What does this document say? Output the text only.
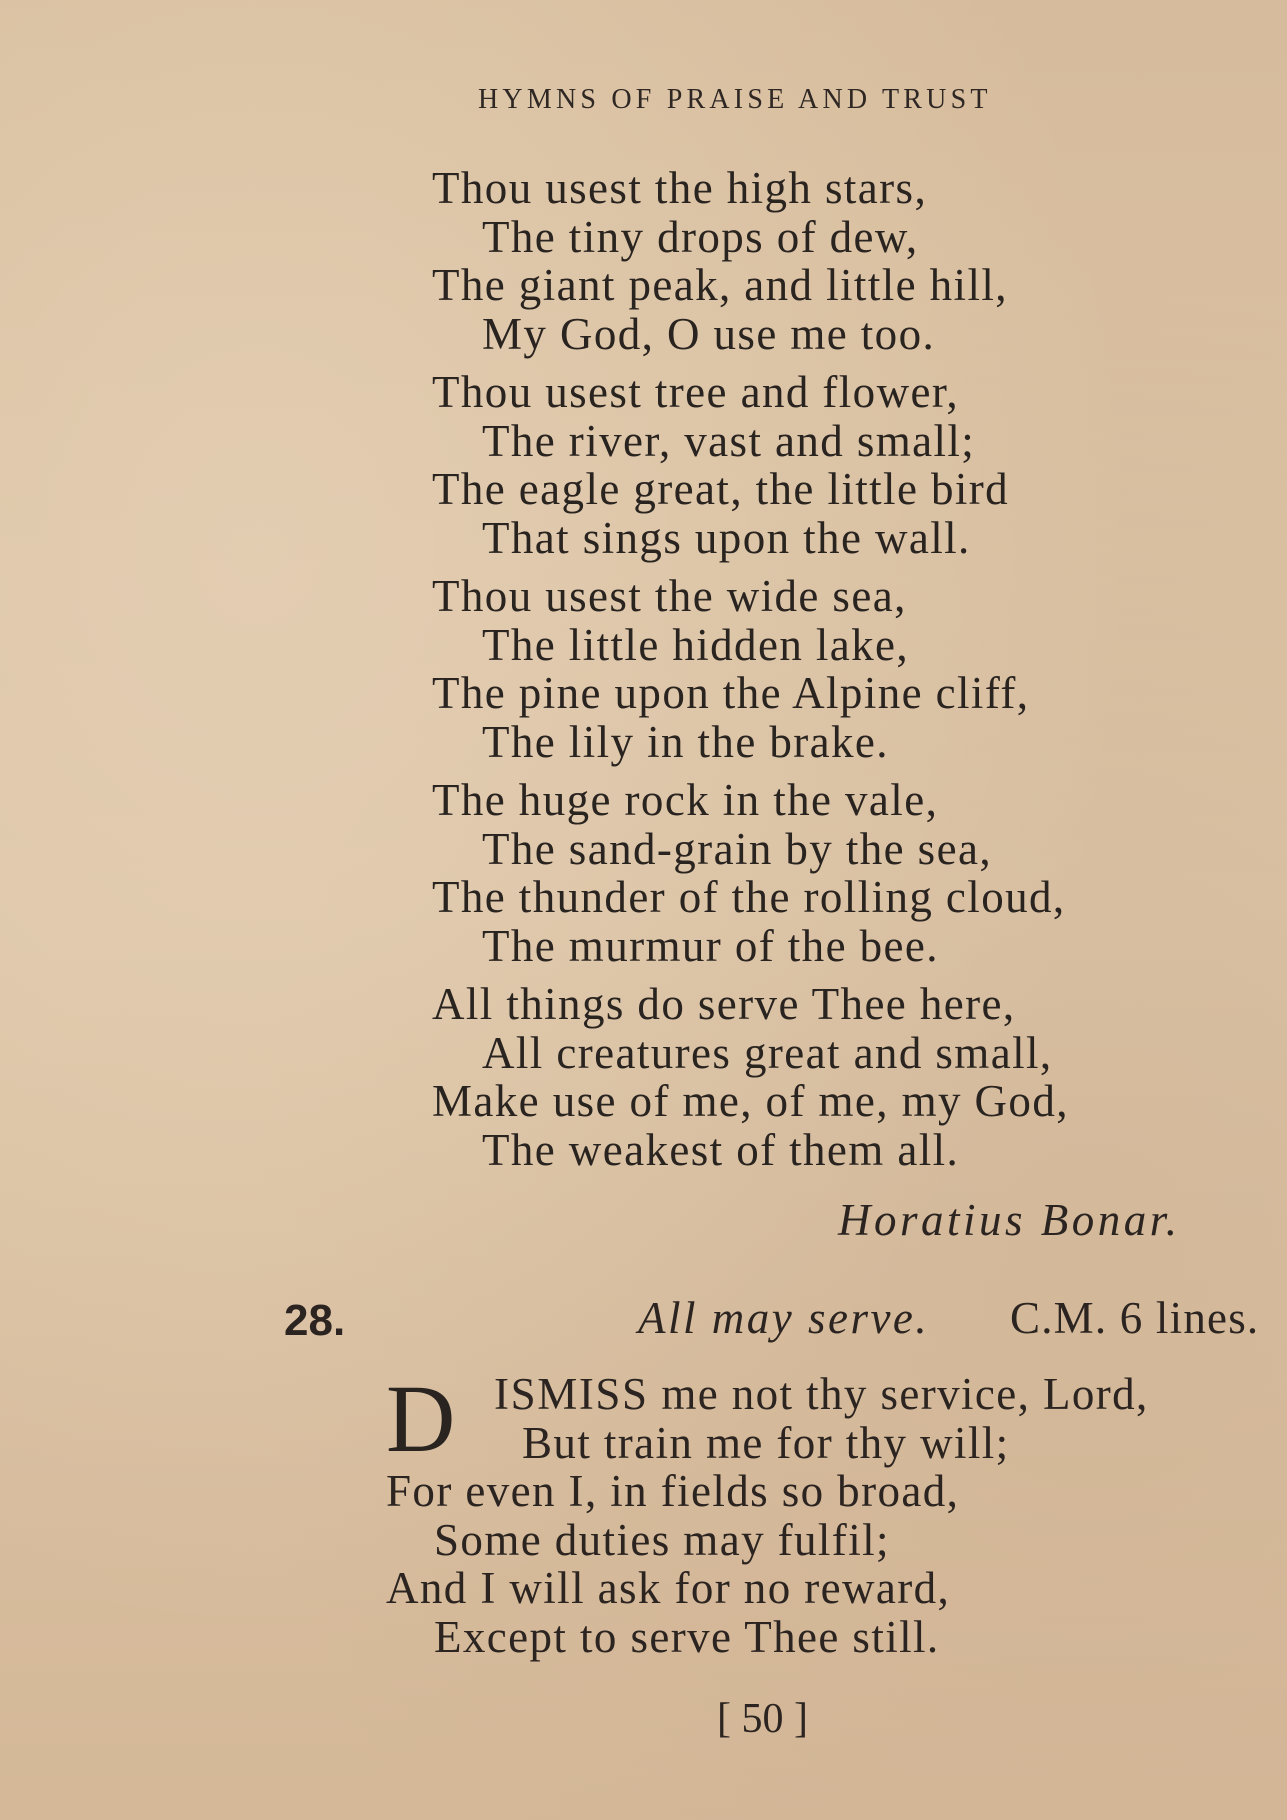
HYMNS OF PRAISE AND TRUST
Thou usest the high stars,
The tiny drops of dew,
The giant peak, and little hill,
My God, O use me too.
Thou usest tree and flower,
The river, vast and small;
The eagle great, the little bird
That sings upon the wall.
Thou usest the wide sea,
The little hidden lake,
The pine upon the Alpine cliff,
The lily in the brake.
The huge rock in the vale,
The sand-grain by the sea,
The thunder of the rolling cloud,
The murmur of the bee.
All things do serve Thee here,
All creatures great and small,
Make use of me, of me, my God,
The weakest of them all.
Horatius Bonar.
28.	All may serve. C.M. 6 lines.
D ISMISS me not thy service, Lord,
But train me for thy will;
For even I, in fields so broad,
Some duties may fulfil;
And I will ask for no reward,
Except to serve Thee still.
[ 50 ]
